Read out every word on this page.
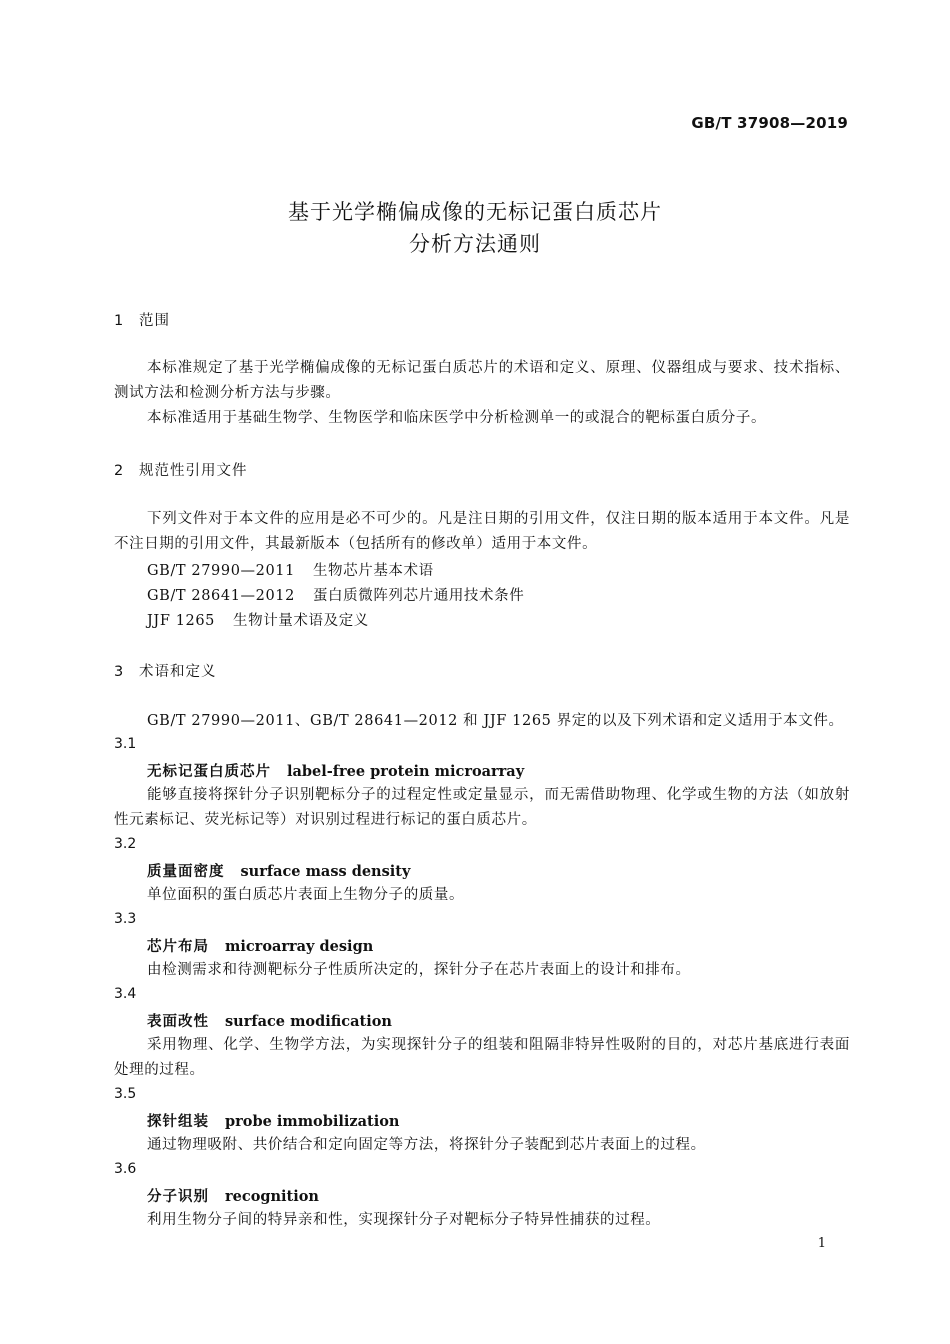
GB/T 37908—2019
基于光学椭偏成像的无标记蛋白质芯片
分析方法通则
1 范围
本标准规定了基于光学椭偏成像的无标记蛋白质芯片的术语和定义、原理、仪器组成与要求、技术指标、测试方法和检测分析方法与步骤。
本标准适用于基础生物学、生物医学和临床医学中分析检测单一的或混合的靶标蛋白质分子。
2 规范性引用文件
下列文件对于本文件的应用是必不可少的。凡是注日期的引用文件，仅注日期的版本适用于本文件。凡是不注日期的引用文件，其最新版本（包括所有的修改单）适用于本文件。
GB/T 27990—2011 生物芯片基本术语
GB/T 28641—2012 蛋白质微阵列芯片通用技术条件
JJF 1265 生物计量术语及定义
3 术语和定义
GB/T 27990—2011、GB/T 28641—2012 和 JJF 1265 界定的以及下列术语和定义适用于本文件。
3.1
无标记蛋白质芯片 label-free protein microarray
能够直接将探针分子识别靶标分子的过程定性或定量显示，而无需借助物理、化学或生物的方法（如放射性元素标记、荧光标记等）对识别过程进行标记的蛋白质芯片。
3.2
质量面密度 surface mass density
单位面积的蛋白质芯片表面上生物分子的质量。
3.3
芯片布局 microarray design
由检测需求和待测靶标分子性质所决定的，探针分子在芯片表面上的设计和排布。
3.4
表面改性 surface modification
采用物理、化学、生物学方法，为实现探针分子的组装和阻隔非特异性吸附的目的，对芯片基底进行表面处理的过程。
3.5
探针组装 probe immobilization
通过物理吸附、共价结合和定向固定等方法，将探针分子装配到芯片表面上的过程。
3.6
分子识别 recognition
利用生物分子间的特异亲和性，实现探针分子对靶标分子特异性捕获的过程。
1
